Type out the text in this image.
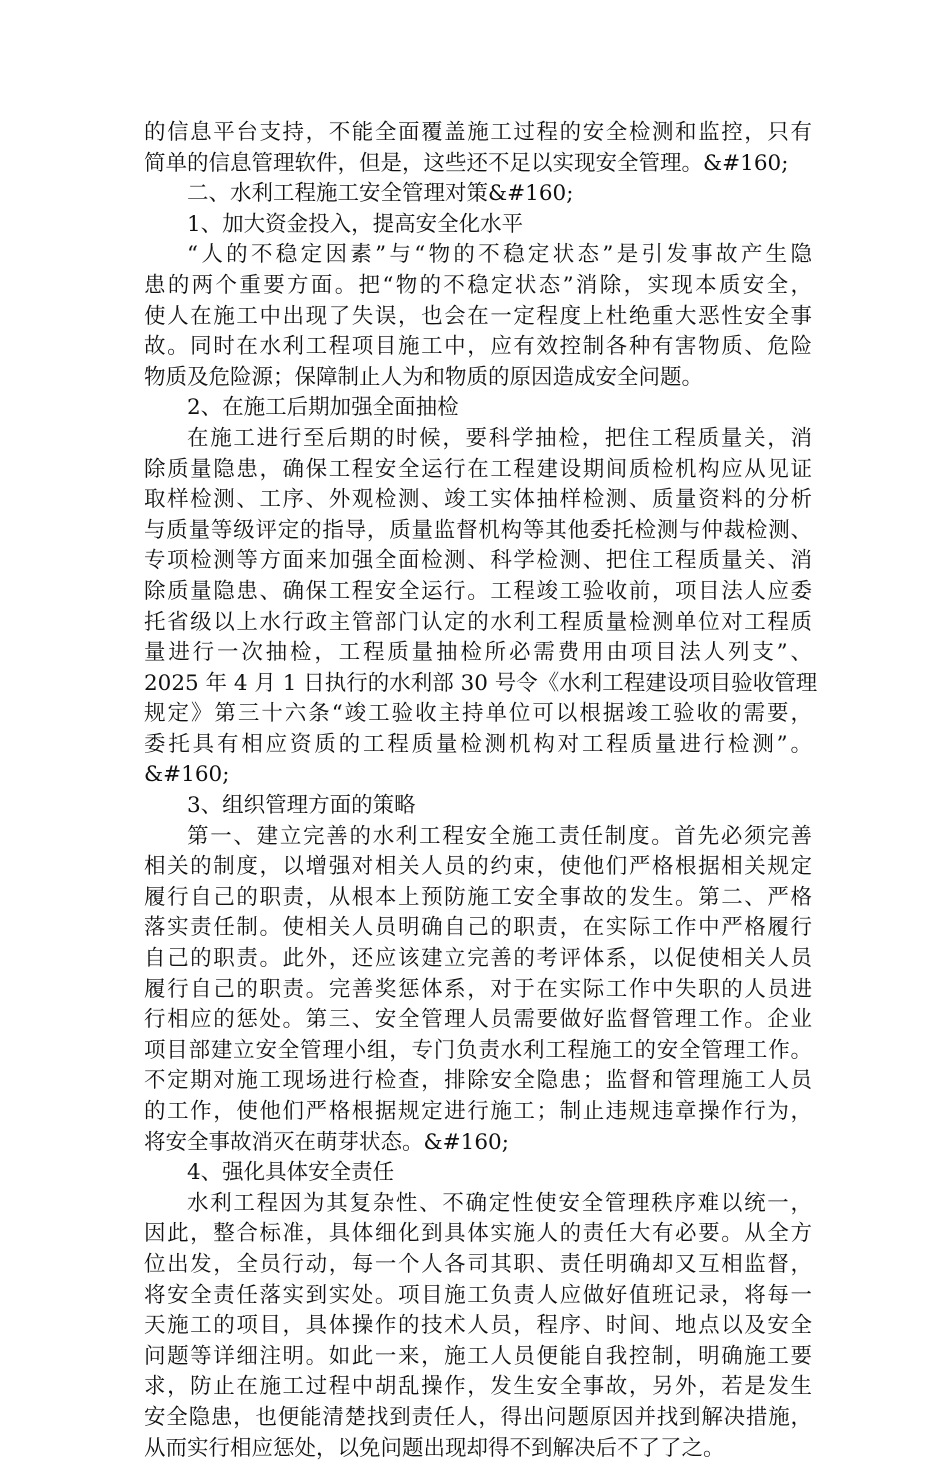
的信息平台支持，不能全面覆盖施工过程的安全检测和监控，只有
简单的信息管理软件，但是，这些还不足以实现安全管理。&#160;
二、水利工程施工安全管理对策&#160;
1、加大资金投入，提高安全化水平
“人的不稳定因素”与“物的不稳定状态”是引发事故产生隐
患的两个重要方面。把“物的不稳定状态”消除，实现本质安全，
使人在施工中出现了失误，也会在一定程度上杜绝重大恶性安全事
故。同时在水利工程项目施工中，应有效控制各种有害物质、危险
物质及危险源；保障制止人为和物质的原因造成安全问题。
2、在施工后期加强全面抽检
在施工进行至后期的时候，要科学抽检，把住工程质量关，消
除质量隐患，确保工程安全运行在工程建设期间质检机构应从见证
取样检测、工序、外观检测、竣工实体抽样检测、质量资料的分析
与质量等级评定的指导，质量监督机构等其他委托检测与仲裁检测、
专项检测等方面来加强全面检测、科学检测、把住工程质量关、消
除质量隐患、确保工程安全运行。工程竣工验收前，项目法人应委
托省级以上水行政主管部门认定的水利工程质量检测单位对工程质
量进行一次抽检，工程质量抽检所必需费用由项目法人列支”、
2025 年 4 月 1 日执行的水利部 30 号令《水利工程建设项目验收管理
规定》第三十六条“竣工验收主持单位可以根据竣工验收的需要，
委托具有相应资质的工程质量检测机构对工程质量进行检测”。
&#160;
3、组织管理方面的策略
第一、建立完善的水利工程安全施工责任制度。首先必须完善
相关的制度，以增强对相关人员的约束，使他们严格根据相关规定
履行自己的职责，从根本上预防施工安全事故的发生。第二、严格
落实责任制。使相关人员明确自己的职责，在实际工作中严格履行
自己的职责。此外，还应该建立完善的考评体系，以促使相关人员
履行自己的职责。完善奖惩体系，对于在实际工作中失职的人员进
行相应的惩处。第三、安全管理人员需要做好监督管理工作。企业
项目部建立安全管理小组，专门负责水利工程施工的安全管理工作。
不定期对施工现场进行检查，排除安全隐患；监督和管理施工人员
的工作，使他们严格根据规定进行施工；制止违规违章操作行为，
将安全事故消灭在萌芽状态。&#160;
4、强化具体安全责任
水利工程因为其复杂性、不确定性使安全管理秩序难以统一，
因此，整合标准，具体细化到具体实施人的责任大有必要。从全方
位出发，全员行动，每一个人各司其职、责任明确却又互相监督，
将安全责任落实到实处。项目施工负责人应做好值班记录，将每一
天施工的项目，具体操作的技术人员，程序、时间、地点以及安全
问题等详细注明。如此一来，施工人员便能自我控制，明确施工要
求，防止在施工过程中胡乱操作，发生安全事故，另外，若是发生
安全隐患，也便能清楚找到责任人，得出问题原因并找到解决措施，
从而实行相应惩处，以免问题出现却得不到解决后不了了之。
